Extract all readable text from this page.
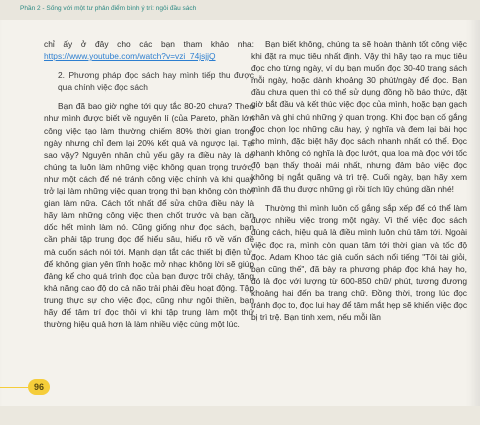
Phần 2 - Sống với một tư phản điểm bình ý trí: ngôi đầu sách

chỉ ấy ở đây cho các bạn tham khảo nha: https://www.youtube.com/watch?v=vzi_74jsjjQ

2. Phương pháp đọc sách hay mình tiếp thu được qua chính việc đọc sách

Bạn đã bao giờ nghe tới quy tắc 80-20 chưa? Theo như mình được biết về nguyên lí (của Pareto, phần lớn công việc tạo làm thường chiếm 80% thời gian trong ngày nhưng chỉ đem lại 20% kết quả và ngược lại. Tại sao vậy? Nguyên nhân chủ yếu gây ra điều này là do chúng ta luôn làm những việc không quan trọng trước, như một cách để né tránh công việc chính và khi quay trở lại làm những việc quan trọng thì bạn không còn thời gian làm nữa. Cách tốt nhất để sửa chữa điều này là hãy làm những công việc then chốt trước và bạn cần dốc hết mình làm nó. Cũng giống như đọc sách, bạn cần phải tập trung đọc để hiểu sâu, hiểu rõ về vấn đề mà cuốn sách nói tới. Mạnh dạn tắt các thiết bị điện tử, để không gian yên tĩnh hoặc mở nhạc không lời sẽ giúp đảng kể cho quá trình đọc của bạn được trôi chảy, tăng khả năng cao độ do cả não trải phải đều hoạt động. Tập trung thực sự cho việc đọc, cũng như ngôi thiền, bạn hãy để tâm trí đọc thôi vì khi tập trung làm một thứ thường hiệu quả hơn là làm nhiều việc cùng một lúc.

Bạn biết không, chúng ta sẽ hoàn thành tốt công việc khi đặt ra mục tiêu nhất định. Vậy thì hãy tạo ra mục tiêu đọc cho từng ngày, ví dụ bạn muốn đọc 30-40 trang sách mỗi ngày, hoặc dành khoảng 30 phút/ngày để đọc. Bạn đầu chưa quen thì có thể sử dụng đồng hồ báo thức, đặt giờ bắt đầu và kết thúc việc đọc của mình, hoặc bạn gạch chân và ghi chú những ý quan trọng. Khi đọc bạn cố gắng đọc chọn lọc những câu hay, ý nghĩa và đem lại bài học cho mình, đặc biệt hãy đọc sách nhanh nhất có thể. Đọc nhanh không có nghĩa là đọc lướt, qua loa mà đọc với tốc độ bạn thấy thoải mái nhất, nhưng đảm bảo việc đọc không bị ngắt quãng và trì trệ. Cuối ngày, bạn hãy xem mình đã thu được những gì rồi tích lũy chúng dần nhé!

Thường thì mình luôn cố gắng sắp xếp để có thể làm được nhiều việc trong một ngày. Vì thế việc đọc sách đúng cách, hiệu quả là điều mình luôn chú tâm tới. Ngoài việc đọc ra, mình còn quan tâm tới thời gian và tốc độ đọc. Adam Khoo tác giả cuốn sách nổi tiếng "Tôi tài giỏi, bạn cũng thế", đã bày ra phương pháp đọc khá hay ho, đó là đọc với lượng từ 600-850 chữ/ phút, tương đương khoảng hai đến ba trang chữ. Đồng thời, trong lúc đọc tránh đọc to, đọc lui hay để tâm mắt hẹp sẽ khiến việc đọc bị trì trệ. Bạn tinh xem, nếu mỗi lần

96
